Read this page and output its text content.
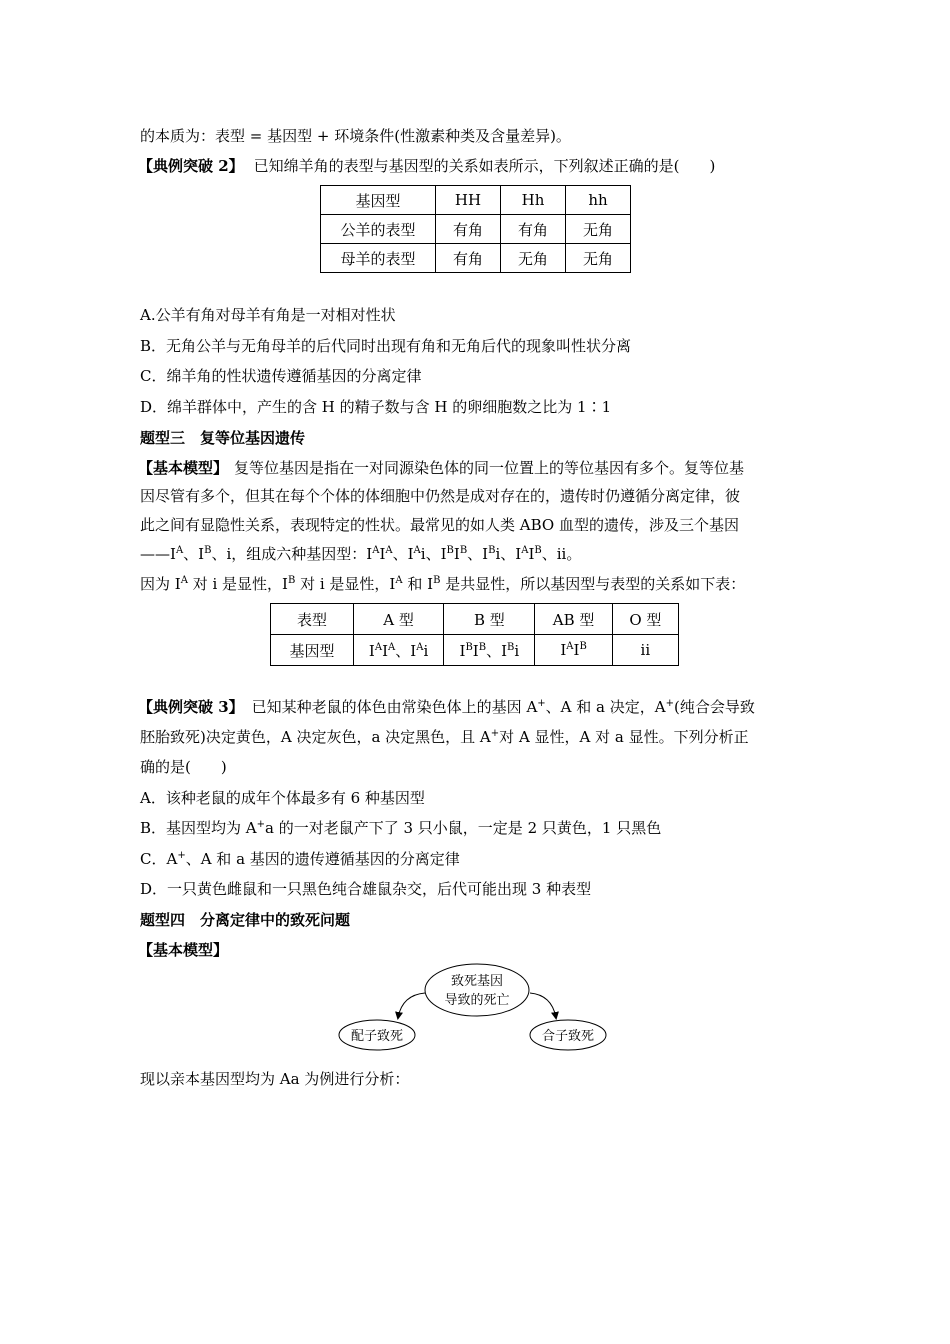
的本质为：表型 = 基因型 + 环境条件(性激素种类及含量差异)。
【典例突破 2】 已知绵羊角的表型与基因型的关系如表所示，下列叙述正确的是(　　)
基因型	HH	Hh	hh
公羊的表型	有角	有角	无角
母羊的表型	有角	无角	无角
A.公羊有角对母羊有角是一对相对性状
B．无角公羊与无角母羊的后代同时出现有角和无角后代的现象叫性状分离
C．绵羊角的性状遗传遵循基因的分离定律
D．绵羊群体中，产生的含 H 的精子数与含 H 的卵细胞数之比为 1∶1
题型三　复等位基因遗传
【基本模型】 复等位基因是指在一对同源染色体的同一位置上的等位基因有多个。复等位基
因尽管有多个，但其在每个个体的体细胞中仍然是成对存在的，遗传时仍遵循分离定律，彼
此之间有显隐性关系，表现特定的性状。最常见的如人类 ABO 血型的遗传，涉及三个基因
$——I^A$、$I^B$、i，组成六种基因型：$I^AI^A$、$I^Ai$、$I^BI^B$、$I^Bi$、$I^AI^B$、ii。
因为 $I^A$ 对 i 是显性，$I^B$ 对 i 是显性，$I^A$ 和 $I^B$ 是共显性，所以基因型与表型的关系如下表：
表型	A 型	B 型	AB 型	O 型
基因型	$I^AI^A$、$I^Ai$	$I^BI^B$、$I^Bi$	$I^AI^B$	ii
【典例突破 3】 已知某种老鼠的体色由常染色体上的基因 A+、A 和 a 决定，A+(纯合会导致
胚胎致死)决定黄色，A 决定灰色，a 决定黑色，且 A+对 A 显性，A 对 a 显性。下列分析正
确的是(　　)
A．该种老鼠的成年个体最多有 6 种基因型
B．基因型均为 A+a 的一对老鼠产下了 3 只小鼠，一定是 2 只黄色，1 只黑色
C．A+、A 和 a 基因的遗传遵循基因的分离定律
D．一只黄色雌鼠和一只黑色纯合雄鼠杂交，后代可能出现 3 种表型
题型四　分离定律中的致死问题
【基本模型】
致死基因
导致的死亡
配子致死	合子致死
现以亲本基因型均为 Aa 为例进行分析：
